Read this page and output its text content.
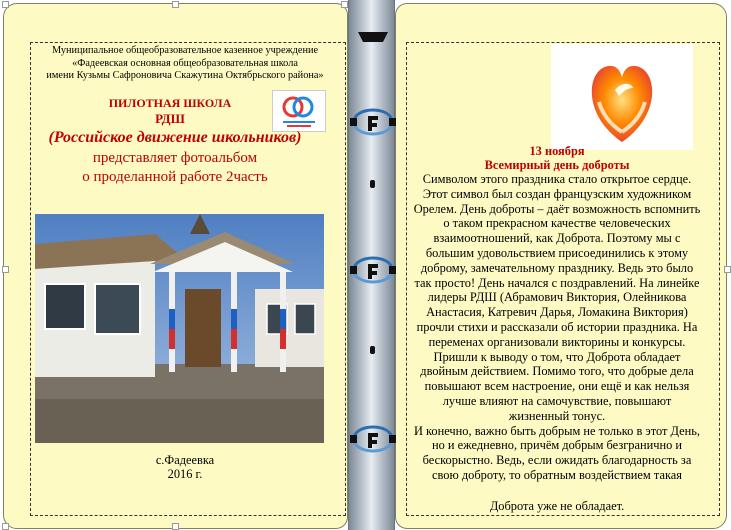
Муниципальное общеобразовательное казенное учреждение
«Фадеевская основная общеобразовательная школа
имени Кузьмы Сафроновича Скажутина Октябрьского района»
ПИЛОТНАЯ ШКОЛА
РДШ
(Российское движение школьников)
представляет фотоальбом
о проделанной работе 2часть
с.Фадеевка
2016 г.
13 ноября
Всемирный день доброты

Символом этого праздника стало открытое сердце. Этот символ был создан французским художником Орелем. День доброты – даёт возможность вспомнить о таком прекрасном качестве человеческих взаимоотношений, как Доброта. Поэтому мы с большим удовольствием присоединились к этому доброму, замечательному празднику. Ведь это было так просто! День начался с поздравлений. На линейке лидеры РДШ (Абрамович Виктория, Олейникова Анастасия, Катревич Дарья, Ломакина Виктория) прочли стихи и рассказали об истории праздника. На переменах организовали викторины и конкурсы. Пришли к выводу о том, что Доброта обладает двойным действием. Помимо того, что добрые дела повышают всем настроение, они ещё и как нельзя лучше влияют на самочувствие, повышают жизненный тонус.

И конечно, важно быть добрым не только в этот День, но и ежедневно, причём добрым безгранично и бескорыстно. Ведь, если ожидать благодарность за свою доброту, то обратным воздействием такая

Доброта уже не обладает.
